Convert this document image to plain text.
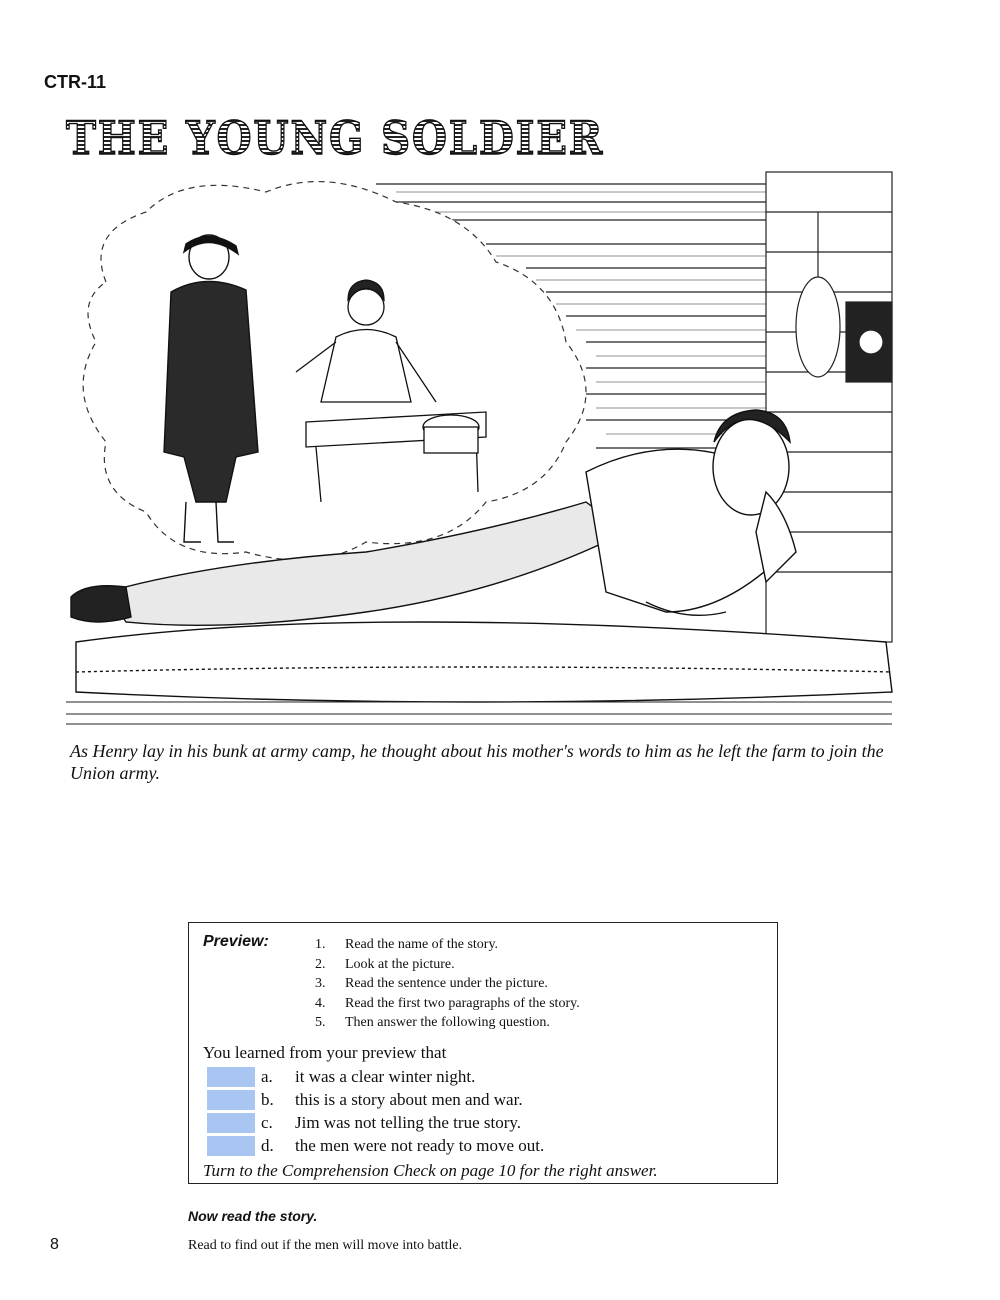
CTR-11
THE YOUNG SOLDIER
As Henry lay in his bunk at army camp, he thought about his mother's words to him as he left the farm to join the Union army.
Preview:	1.	Read the name of the story.
2.	Look at the picture.
3.	Read the sentence under the picture.
4.	Read the first two paragraphs of the story.
5.	Then answer the following question.
You learned from your preview that
a.	it was a clear winter night.
b.	this is a story about men and war.
c.	Jim was not telling the true story.
d.	the men were not ready to move out.
Turn to the Comprehension Check on page 10 for the right answer.
Now read the story.
8	Read to find out if the men will move into battle.
